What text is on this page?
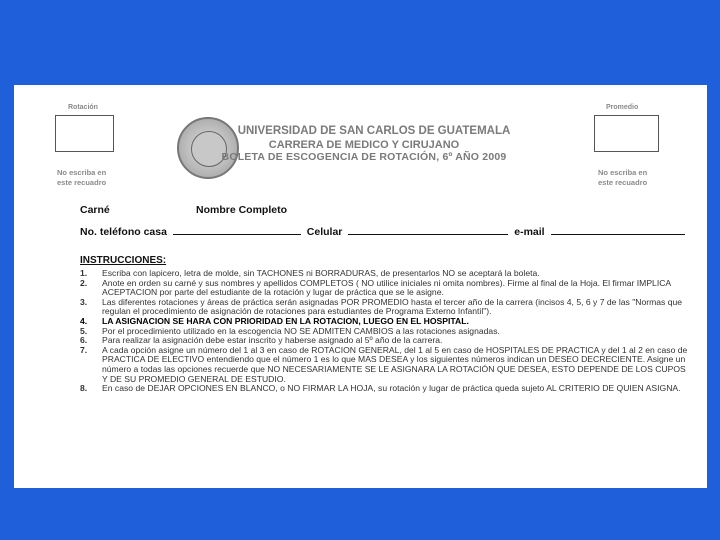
Rotación
No escriba en
este recuadro
Promedio
No escriba en
este recuadro
UNIVERSIDAD DE SAN CARLOS DE GUATEMALA
CARRERA DE MEDICO Y CIRUJANO
BOLETA DE ESCOGENCIA DE ROTACIÓN, 6º AÑO 2009
Carné	Nombre Completo
No. teléfono casa	Celular	e-mail
INSTRUCCIONES:
1.	Escriba con lapicero, letra de molde, sin TACHONES ni BORRADURAS, de presentarlos NO se aceptará la boleta.
2.	Anote en orden su carné y sus nombres y apellidos COMPLETOS ( NO utilice iniciales ni omita nombres). Firme al final de la Hoja. El firmar IMPLICA ACEPTACION por parte del estudiante de la rotación y lugar de práctica que se le asigne.
3.	Las diferentes rotaciones y áreas de práctica serán asignadas POR PROMEDIO hasta el tercer año de la carrera (incisos 4, 5, 6 y 7 de las "Normas que regulan el procedimiento de asignación de rotaciones para estudiantes de Programa Externo Infantil").
4.	LA ASIGNACION SE HARA CON PRIORIDAD EN LA ROTACION, LUEGO EN EL HOSPITAL.
5.	Por el procedimiento utilizado en la escogencia NO SE ADMITEN CAMBIOS a las rotaciones asignadas.
6.	Para realizar la asignación debe estar inscrito y haberse asignado al 5º año de la carrera.
7.	A cada opción asigne un número del 1 al 3 en caso de ROTACION GENERAL, del 1 al 5 en caso de HOSPITALES DE PRACTICA y del 1 al 2 en caso de PRACTICA DE ELECTIVO entendiendo que el número 1 es lo que MAS DESEA y los siguientes números indican un DESEO DECRECIENTE. Asigne un número a todas las opciones recuerde que NO NECESARIAMENTE SE LE ASIGNARA LA ROTACIÓN QUE DESEA, ESTO DEPENDE DE LOS CUPOS Y DE SU PROMEDIO GENERAL DE ESTUDIO.
8.	En caso de DEJAR OPCIONES EN BLANCO, o NO FIRMAR LA HOJA, su rotación y lugar de práctica queda sujeto AL CRITERIO DE QUIEN ASIGNA.
